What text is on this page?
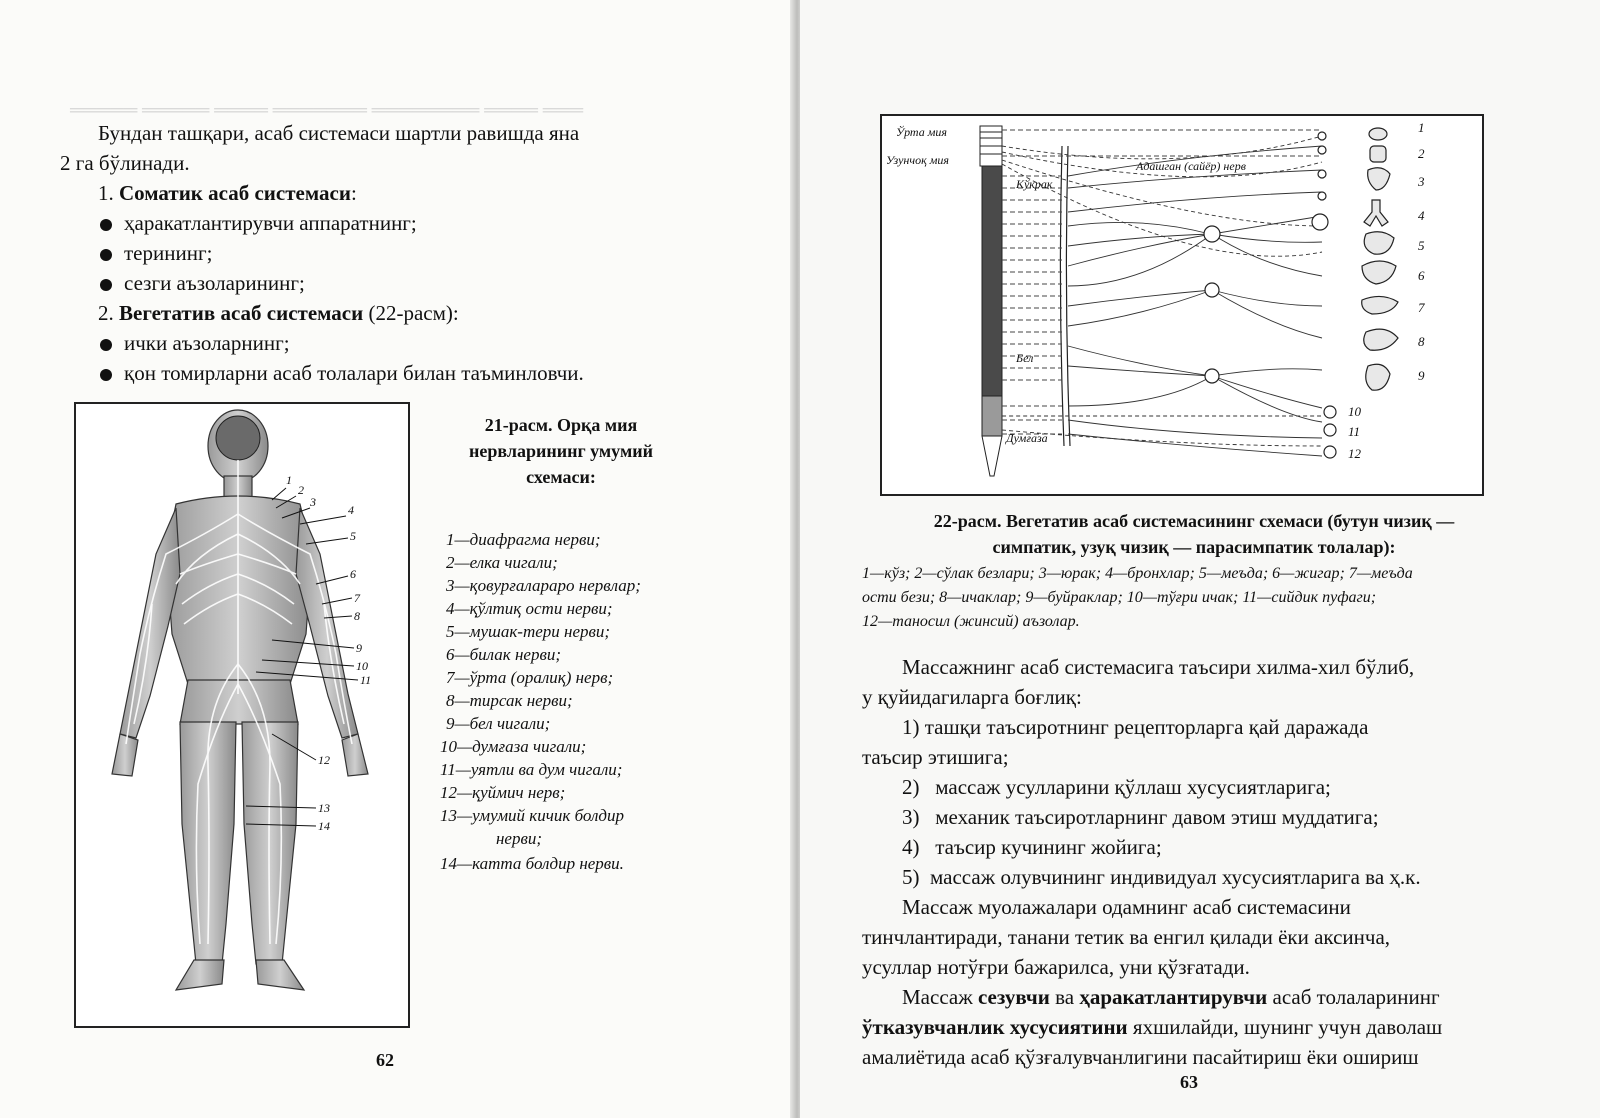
═══ ════ ════════ ═══════ ════ ═════ ═════
Бундан ташқари, асаб системаси шартли равишда яна
2 га бўлинади.
1. Соматик асаб системаси:
ҳаракатлантирувчи аппаратнинг;
терининг;
сезги аъзоларининг;
2. Вегетатив асаб системаси (22-расм):
ички аъзоларнинг;
қон томирларни асаб толалари билан таъминловчи.
1
2
3
4
5
6
7
8
9
10
11
12
13
14
21-расм. Орқа мия
нервларининг умумий
схемаси:
1—диафрагма нерви;
2—елка чигали;
3—қовурғалараро нервлар;
4—қўлтиқ ости нерви;
5—мушак-тери нерви;
6—билак нерви;
7—ўрта (оралиқ) нерв;
8—тирсак нерви;
9—бел чигали;
10—думғаза чигали;
11—уятли ва дум чигали;
12—қуймич нерв;
13—умумий кичик болдир
нерви;
14—катта болдир нерви.
62
Ўрта мия
Узунчоқ мия	Адашган (сайёр) нерв
Кўкрак
Бел
Думғаза
1
2
3
4
5
6
7
8
9
10
11
12
22-расм. Вегетатив асаб системасининг схемаси (бутун чизиқ —
симпатик, узуқ чизиқ — парасимпатик толалар):
1—кўз; 2—сўлак безлари; 3—юрак; 4—бронхлар; 5—меъда; 6—жигар; 7—меъда
ости бези; 8—ичаклар; 9—буйраклар; 10—тўғри ичак; 11—сийдик пуфаги;
12—таносил (жинсий) аъзолар.
Массажнинг асаб системасига таъсири хилма-хил бўлиб,
у қуйидагиларга боғлиқ:
1) ташқи таъсиротнинг рецепторларга қай даражада
таъсир этишига;
2) массаж усулларини қўллаш хусусиятларига;
3) механик таъсиротларнинг давом этиш муддатига;
4) таъсир кучининг жойига;
5) массаж олувчининг индивидуал хусусиятларига ва ҳ.к.
Массаж муолажалари одамнинг асаб системасини
тинчлантиради, танани тетик ва енгил қилади ёки аксинча,
усуллар нотўғри бажарилса, уни қўзғатади.
Массаж сезувчи ва ҳаракатлантирувчи асаб толаларининг
ўтказувчанлик хусусиятини яхшилайди, шунинг учун даволаш
амалиётида асаб қўзғалувчанлигини пасайтириш ёки ошириш
63
